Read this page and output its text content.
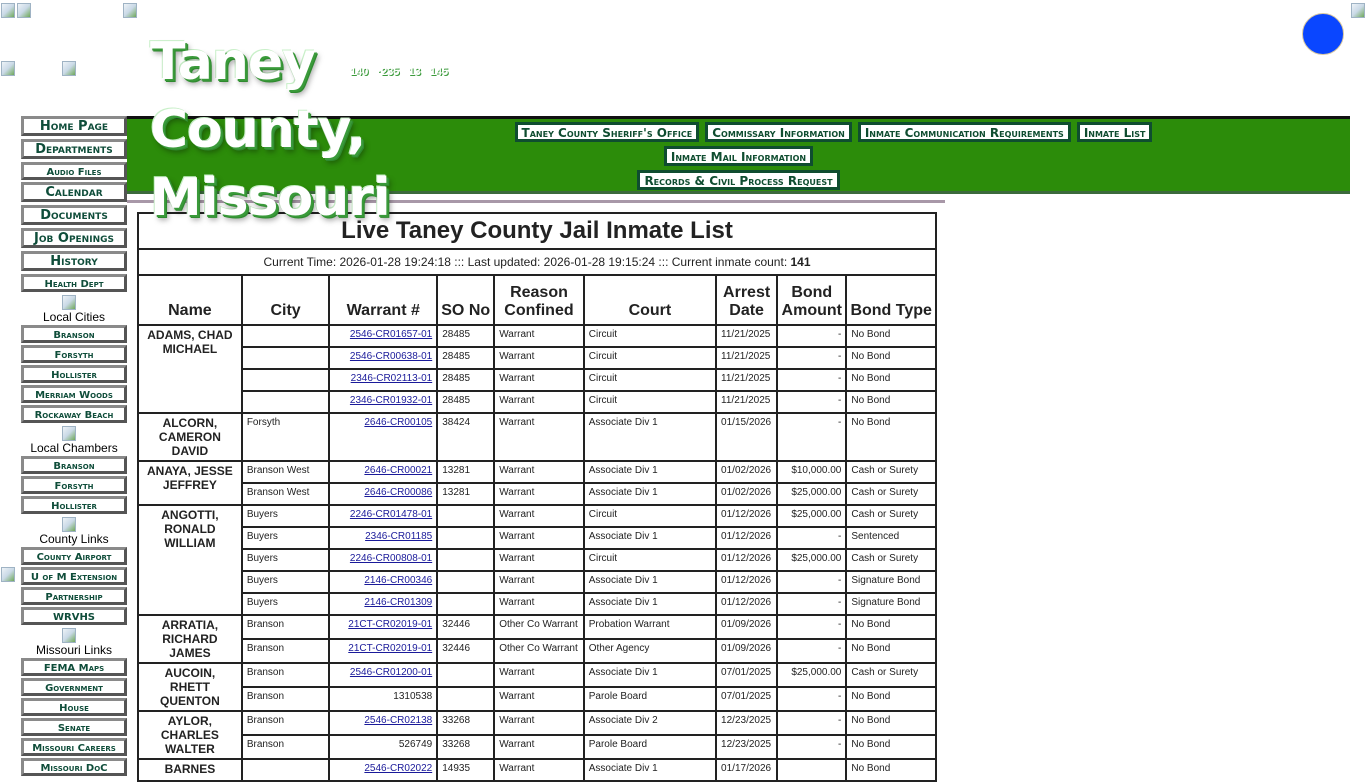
Taney County,
Missouri
140 ·235 13 145
Taney County Sheriff's Office	Commissary Information	Inmate Communication Requirements	Inmate List
Inmate Mail Information
Records & Civil Process Request
Home Page
Departments
Audio Files
Calendar
Documents
Job Openings
History
Health Dept
Local Cities
Branson
Forsyth
Hollister
Merriam Woods
Rockaway Beach
Local Chambers
Branson
Forsyth
Hollister
County Links
County Airport
U of M Extension
Partnership
WRVHS
Missouri Links
FEMA Maps
Government
House
Senate
Missouri Careers
Missouri DoC
Live Taney County Jail Inmate List								
Current Time: 2026-01-28 19:24:18 ::: Last updated: 2026-01-28 19:15:24 ::: Current inmate count: 141								
Name	City	Warrant #	SO No	Reason Confined	Court	Arrest Date	Bond Amount	Bond Type
ADAMS, CHAD MICHAEL		2546-CR01657-01	28485	Warrant	Circuit	11/21/2025	-	No Bond
		2546-CR00638-01	28485	Warrant	Circuit	11/21/2025	-	No Bond
		2346-CR02113-01	28485	Warrant	Circuit	11/21/2025	-	No Bond
		2346-CR01932-01	28485	Warrant	Circuit	11/21/2025	-	No Bond
ALCORN, CAMERON DAVID	Forsyth	2646-CR00105	38424	Warrant	Associate Div 1	01/15/2026	-	No Bond
ANAYA, JESSE JEFFREY	Branson West	2646-CR00021	13281	Warrant	Associate Div 1	01/02/2026	$10,000.00	Cash or Surety
	Branson West	2646-CR00086	13281	Warrant	Associate Div 1	01/02/2026	$25,000.00	Cash or Surety
ANGOTTI, RONALD WILLIAM	Buyers	2246-CR01478-01		Warrant	Circuit	01/12/2026	$25,000.00	Cash or Surety
	Buyers	2346-CR01185		Warrant	Associate Div 1	01/12/2026	-	Sentenced
	Buyers	2246-CR00808-01		Warrant	Circuit	01/12/2026	$25,000.00	Cash or Surety
	Buyers	2146-CR00346		Warrant	Associate Div 1	01/12/2026	-	Signature Bond
	Buyers	2146-CR01309		Warrant	Associate Div 1	01/12/2026	-	Signature Bond
ARRATIA, RICHARD JAMES	Branson	21CT-CR02019-01	32446	Other Co Warrant	Probation Warrant	01/09/2026	-	No Bond
	Branson	21CT-CR02019-01	32446	Other Co Warrant	Other Agency	01/09/2026	-	No Bond
AUCOIN, RHETT QUENTON	Branson	2546-CR01200-01		Warrant	Associate Div 1	07/01/2025	$25,000.00	Cash or Surety
	Branson	1310538		Warrant	Parole Board	07/01/2025	-	No Bond
AYLOR, CHARLES WALTER	Branson	2546-CR02138	33268	Warrant	Associate Div 2	12/23/2025	-	No Bond
	Branson	526749	33268	Warrant	Parole Board	12/23/2025	-	No Bond
BARNES		2546-CR02022	14935	Warrant	Associate Div 1	01/17/2026		No Bond
